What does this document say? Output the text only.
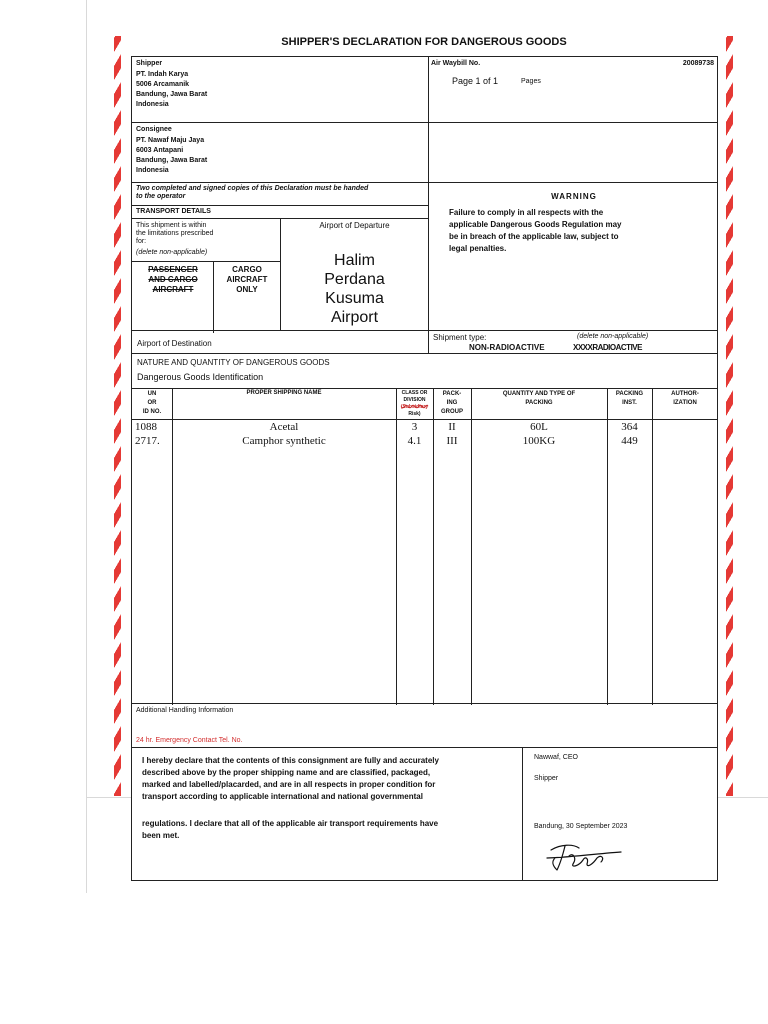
SHIPPER'S DECLARATION FOR DANGEROUS GOODS
Shipper
PT. Indah Karya
5006 Arcamanik
Bandung, Jawa Barat
Indonesia
Air Waybill No.	20089738
Page 1 of 1	Pages
Consignee
PT. Nawaf Maju Jaya
6003 Antapani
Bandung, Jawa Barat
Indonesia
Two completed and signed copies of this Declaration must be handed to the operator
TRANSPORT DETAILS
This shipment is within
the limitations prescribed
for:
(delete non-applicable)
PASSENGER
AND CARGO
AIRCRAFT
CARGO
AIRCRAFT
ONLY
Airport of Departure
Halim
Perdana
Kusuma
Airport
WARNING
Failure to comply in all respects with the
applicable Dangerous Goods Regulation may
be in breach of the applicable law, subject to
legal penalties.
Airport of Destination
Shipment type:	(delete non-applicable)
NON-RADIOACTIVE	XXXXRADIOACTIVE
NATURE AND QUANTITY OF DANGEROUS GOODS
Dangerous Goods Identification
UN
OR
ID NO.
PROPER SHIPPING NAME	CLASS OR
DIVISION
(Subsidiary
Risk)
PACK-
ING
GROUP
QUANTITY AND TYPE OF
PACKING
PACKING
INST.
AUTHOR-
IZATION
1088	Acetal	3	II	60L	364
2717.	Camphor synthetic	4.1	III	100KG	449
Additional Handling Information
24 hr. Emergency Contact Tel. No.
I hereby declare that the contents of this consignment are fully and accurately
described above by the proper shipping name and are classified, packaged,
marked and labelled/placarded, and are in all respects in proper condition for
transport according to applicable international and national governmental
regulations. I declare that all of the applicable air transport requirements have
been met.
Nawwaf, CEO
Shipper
Bandung, 30 September 2023
